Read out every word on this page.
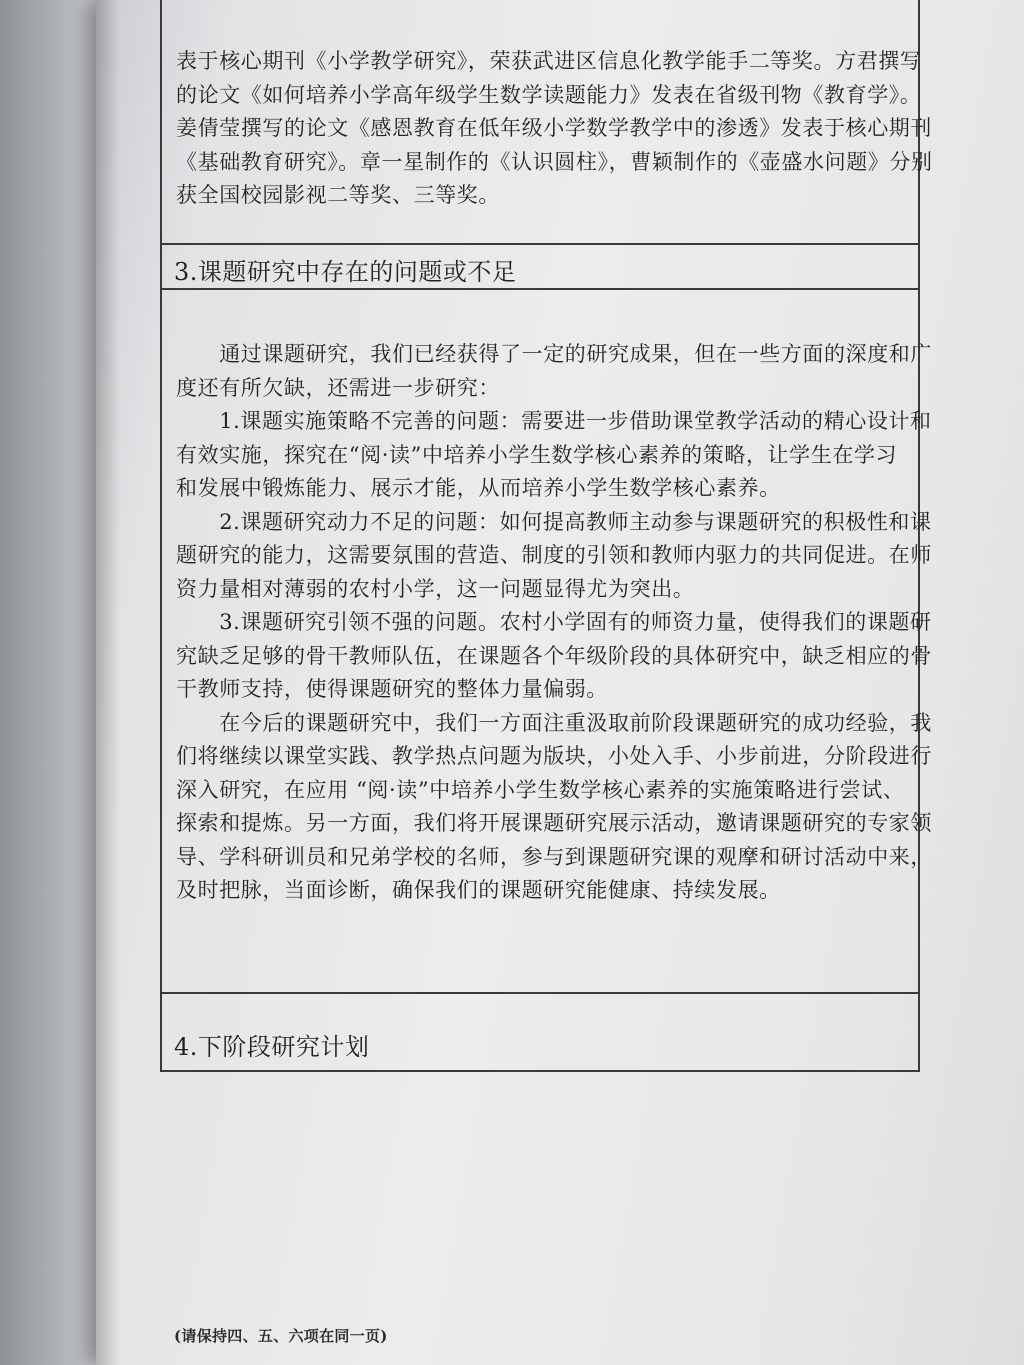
表于核心期刊《小学教学研究》，荣获武进区信息化教学能手二等奖。方君撰写
的论文《如何培养小学高年级学生数学读题能力》发表在省级刊物《教育学》。
姜倩莹撰写的论文《感恩教育在低年级小学数学教学中的渗透》发表于核心期刊
《基础教育研究》。章一星制作的《认识圆柱》，曹颖制作的《壶盛水问题》分别
获全国校园影视二等奖、三等奖。
3.课题研究中存在的问题或不足
　　通过课题研究，我们已经获得了一定的研究成果，但在一些方面的深度和广
度还有所欠缺，还需进一步研究：
　　1.课题实施策略不完善的问题：需要进一步借助课堂教学活动的精心设计和
有效实施，探究在“阅·读”中培养小学生数学核心素养的策略，让学生在学习
和发展中锻炼能力、展示才能，从而培养小学生数学核心素养。
　　2.课题研究动力不足的问题：如何提高教师主动参与课题研究的积极性和课
题研究的能力，这需要氛围的营造、制度的引领和教师内驱力的共同促进。在师
资力量相对薄弱的农村小学，这一问题显得尤为突出。
　　3.课题研究引领不强的问题。农村小学固有的师资力量，使得我们的课题研
究缺乏足够的骨干教师队伍，在课题各个年级阶段的具体研究中，缺乏相应的骨
干教师支持，使得课题研究的整体力量偏弱。
　　在今后的课题研究中，我们一方面注重汲取前阶段课题研究的成功经验，我
们将继续以课堂实践、教学热点问题为版块，小处入手、小步前进，分阶段进行
深入研究，在应用 “阅·读”中培养小学生数学核心素养的实施策略进行尝试、
探索和提炼。另一方面，我们将开展课题研究展示活动，邀请课题研究的专家领
导、学科研训员和兄弟学校的名师，参与到课题研究课的观摩和研讨活动中来，
及时把脉，当面诊断，确保我们的课题研究能健康、持续发展。
4.下阶段研究计划
(请保持四、五、六项在同一页)
